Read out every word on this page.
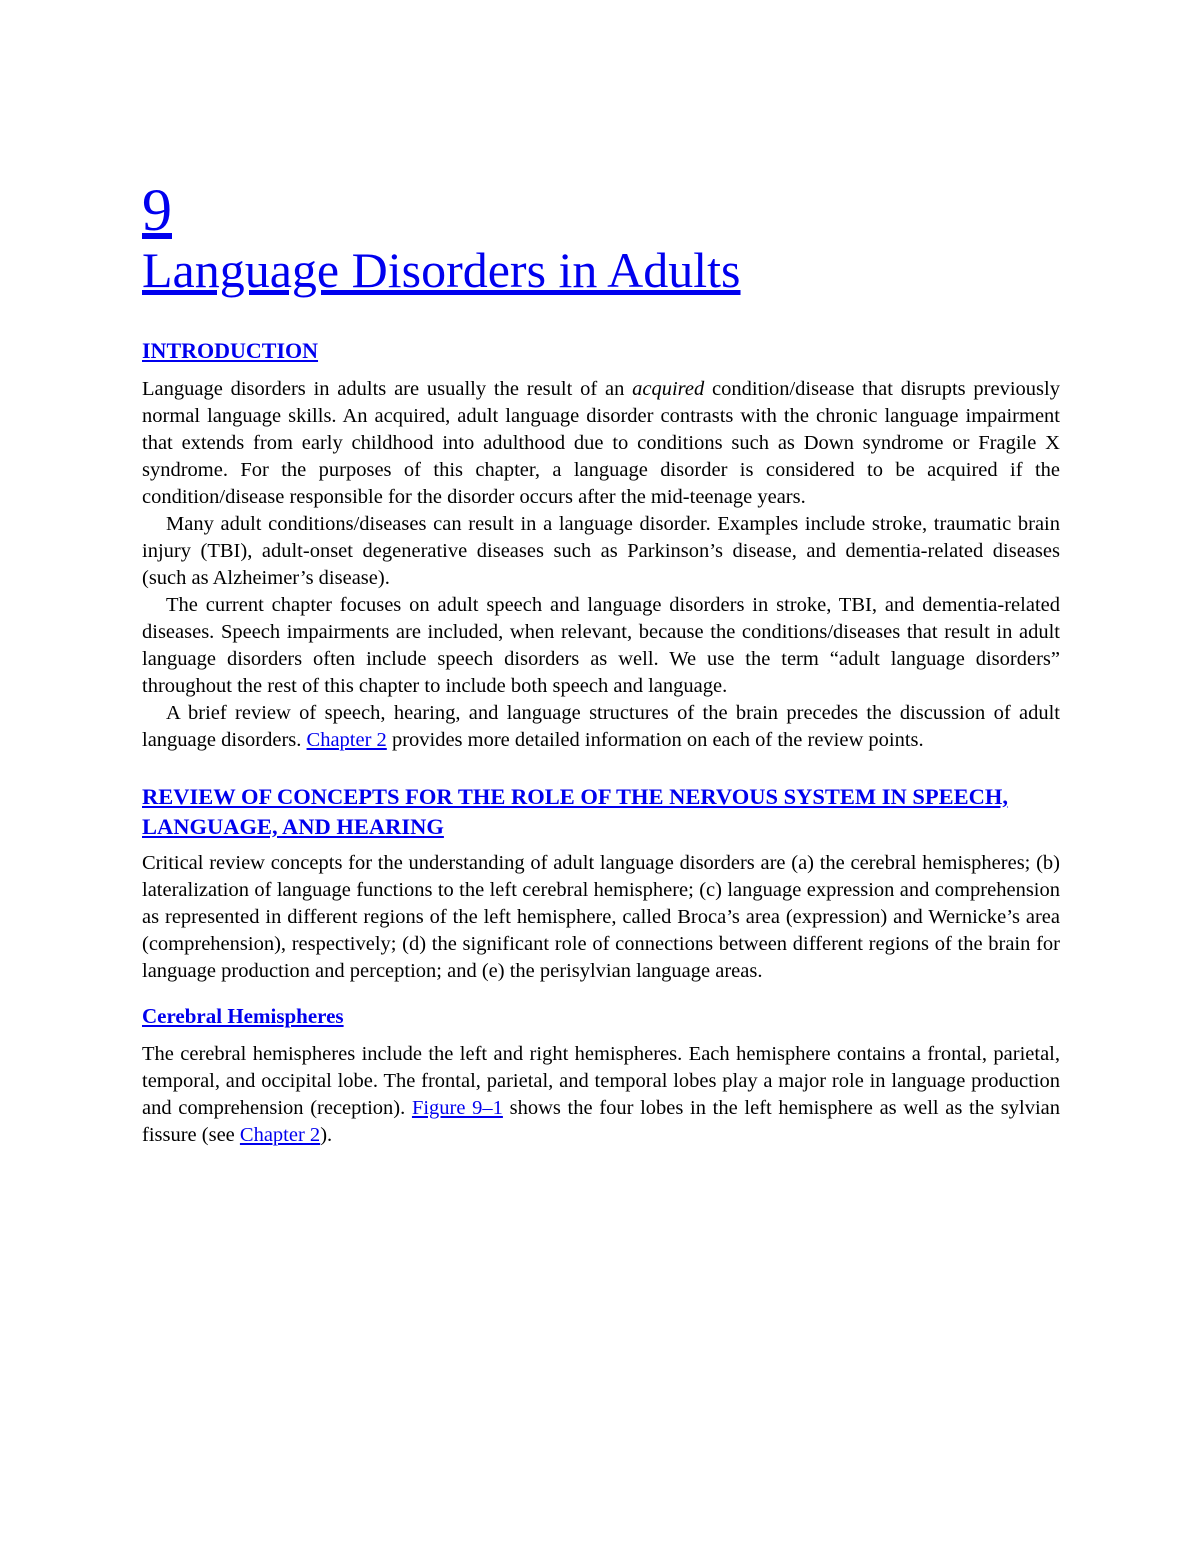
9
Language Disorders in Adults
INTRODUCTION

Language disorders in adults are usually the result of an acquired condition/disease that disrupts previously normal language skills. An acquired, adult language disorder contrasts with the chronic language impairment that extends from early childhood into adulthood due to conditions such as Down syndrome or Fragile X syndrome. For the purposes of this chapter, a language disorder is considered to be acquired if the condition/disease responsible for the disorder occurs after the mid-teenage years.

Many adult conditions/diseases can result in a language disorder. Examples include stroke, traumatic brain injury (TBI), adult-onset degenerative diseases such as Parkinson’s disease, and dementia-related diseases (such as Alzheimer’s disease).

The current chapter focuses on adult speech and language disorders in stroke, TBI, and dementia-related diseases. Speech impairments are included, when relevant, because the conditions/diseases that result in adult language disorders often include speech disorders as well. We use the term “adult language disorders” throughout the rest of this chapter to include both speech and language.

A brief review of speech, hearing, and language structures of the brain precedes the discussion of adult language disorders. Chapter 2 provides more detailed information on each of the review points.

REVIEW OF CONCEPTS FOR THE ROLE OF THE NERVOUS SYSTEM IN SPEECH, LANGUAGE, AND HEARING

Critical review concepts for the understanding of adult language disorders are (a) the cerebral hemispheres; (b) lateralization of language functions to the left cerebral hemisphere; (c) language expression and comprehension as represented in different regions of the left hemisphere, called Broca’s area (expression) and Wernicke’s area (comprehension), respectively; (d) the significant role of connections between different regions of the brain for language production and perception; and (e) the perisylvian language areas.

Cerebral Hemispheres

The cerebral hemispheres include the left and right hemispheres. Each hemisphere contains a frontal, parietal, temporal, and occipital lobe. The frontal, parietal, and temporal lobes play a major role in language production and comprehension (reception). Figure 9–1 shows the four lobes in the left hemisphere as well as the sylvian fissure (see Chapter 2).
